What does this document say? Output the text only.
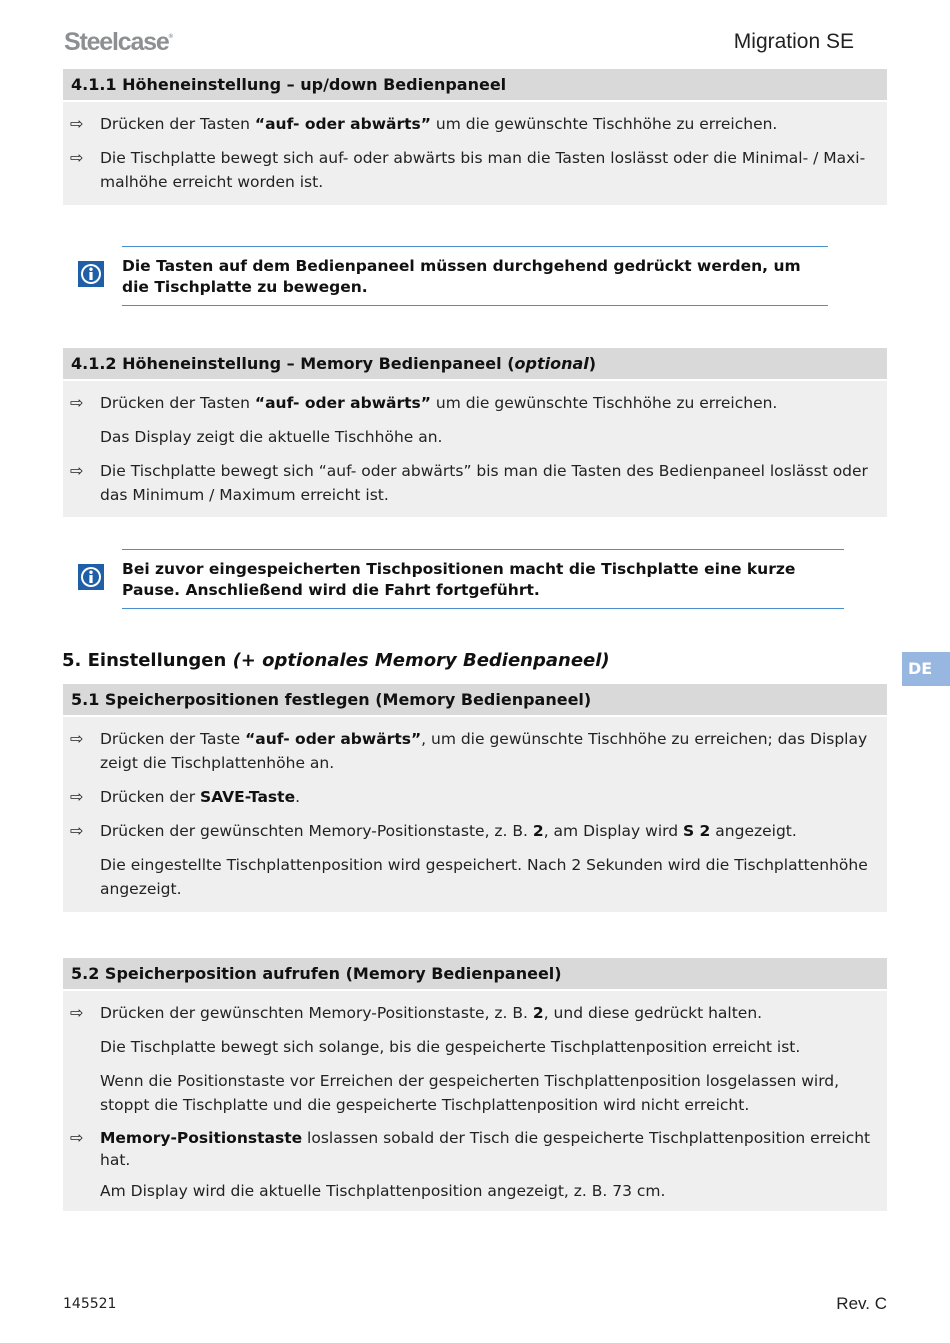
Steelcase®	Migration SE
4.1.1 Höheneinstellung – up/down Bedienpaneel
⇨ Drücken der Tasten “auf- oder abwärts” um die gewünschte Tischhöhe zu erreichen.
⇨ Die Tischplatte bewegt sich auf- oder abwärts bis man die Tasten loslässt oder die Minimal- / Maxi-malhöhe erreicht worden ist.
Die Tasten auf dem Bedienpaneel müssen durchgehend gedrückt werden, um die Tischplatte zu bewegen.
4.1.2 Höheneinstellung – Memory Bedienpaneel (optional)
⇨ Drücken der Tasten “auf- oder abwärts” um die gewünschte Tischhöhe zu erreichen.
Das Display zeigt die aktuelle Tischhöhe an.
⇨ Die Tischplatte bewegt sich “auf- oder abwärts” bis man die Tasten des Bedienpaneel loslässt oder das Minimum / Maximum erreicht ist.
Bei zuvor eingespeicherten Tischpositionen macht die Tischplatte eine kurze Pause. Anschließend wird die Fahrt fortgeführt.
5. Einstellungen (+ optionales Memory Bedienpaneel)	DE
5.1 Speicherpositionen festlegen (Memory Bedienpaneel)
⇨ Drücken der Taste “auf- oder abwärts”, um die gewünschte Tischhöhe zu erreichen; das Display zeigt die Tischplattenhöhe an.
⇨ Drücken der SAVE-Taste.
⇨ Drücken der gewünschten Memory-Positionstaste, z. B. 2, am Display wird S 2 angezeigt.
Die eingestellte Tischplattenposition wird gespeichert. Nach 2 Sekunden wird die Tischplattenhöhe angezeigt.
5.2 Speicherposition aufrufen (Memory Bedienpaneel)
⇨ Drücken der gewünschten Memory-Positionstaste, z. B. 2, und diese gedrückt halten.
Die Tischplatte bewegt sich solange, bis die gespeicherte Tischplattenposition erreicht ist.
Wenn die Positionstaste vor Erreichen der gespeicherten Tischplattenposition losgelassen wird, stoppt die Tischplatte und die gespeicherte Tischplattenposition wird nicht erreicht.
⇨ Memory-Positionstaste loslassen sobald der Tisch die gespeicherte Tischplattenposition erreicht hat.
Am Display wird die aktuelle Tischplattenposition angezeigt, z. B. 73 cm.
145521	Rev. C
